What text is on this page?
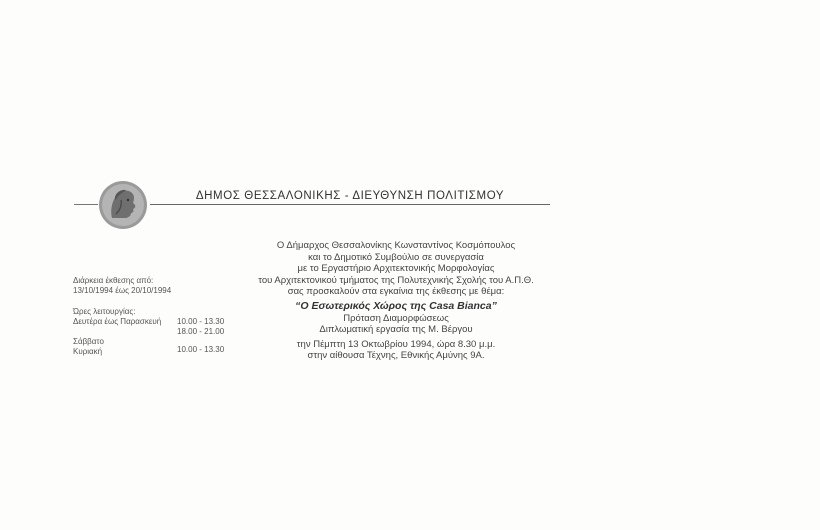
ΔΗΜΟΣ ΘΕΣΣΑΛΟΝΙΚΗΣ - ΔΙΕΥΘΥΝΣΗ ΠΟΛΙΤΙΣΜΟΥ
Διάρκεια έκθεσης από:
13/10/1994 έως 20/10/1994
Ώρες λειτουργίας:
Δευτέρα έως Παρασκευή 10.00 - 13.30
18.00 - 21.00
Σάββατο
Κυριακή	10.00 - 13.30
Ο Δήμαρχος Θεσσαλονίκης Κωνσταντίνος Κοσμόπουλος
και το Δημοτικό Συμβούλιο σε συνεργασία
με το Εργαστήριο Αρχιτεκτονικής Μορφολογίας
του Αρχιτεκτονικού τμήματος της Πολυτεχνικής Σχολής του Α.Π.Θ.
σας προσκαλούν στα εγκαίνια της έκθεσης με θέμα:
“Ο Εσωτερικός Χώρος της Casa Bianca”
Πρόταση Διαμορφώσεως
Διπλωματική εργασία της Μ. Βέργου
την Πέμπτη 13 Οκτωβρίου 1994, ώρα 8.30 μ.μ.
στην αίθουσα Τέχνης, Εθνικής Αμύνης 9Α.
